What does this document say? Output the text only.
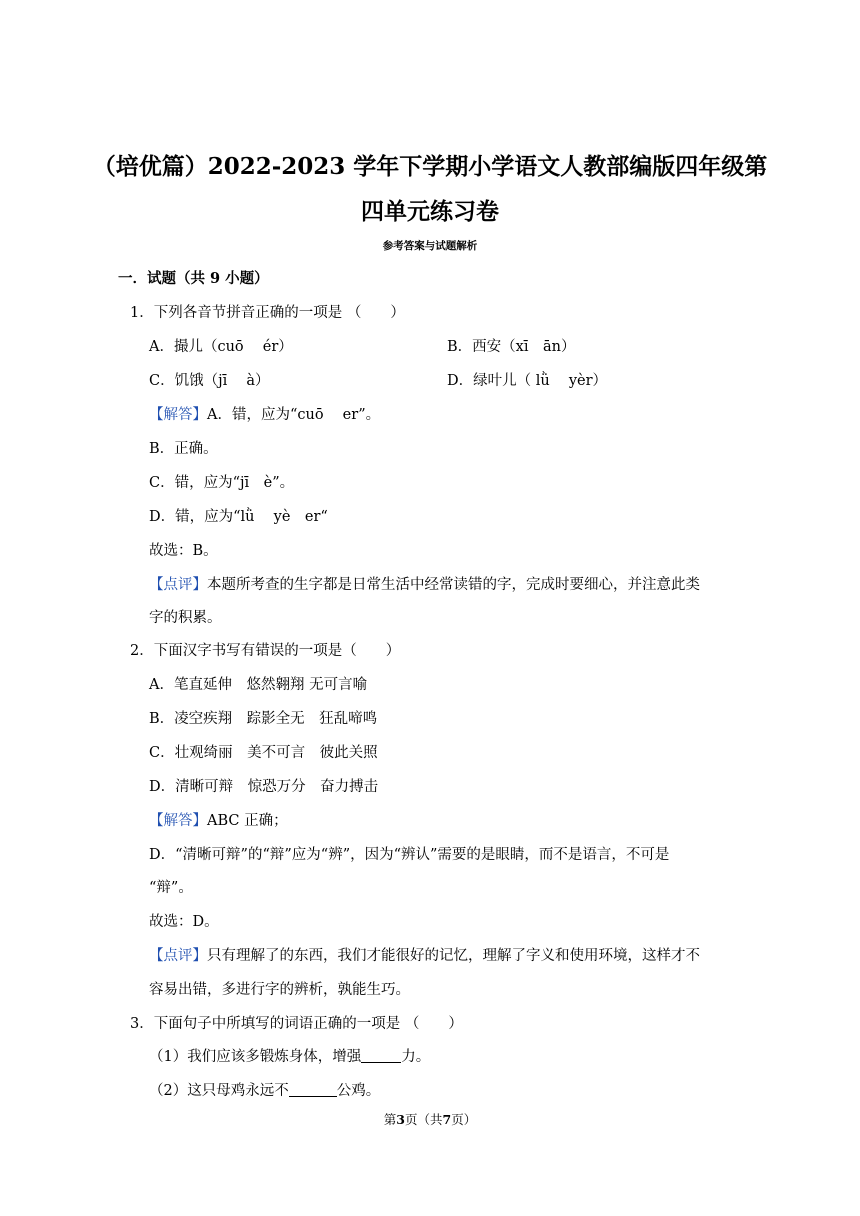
（培优篇）2022-2023 学年下学期小学语文人教部编版四年级第
四单元练习卷
参考答案与试题解析
一．试题（共 9 小题）
1．下列各音节拼音正确的一项是 （　　）
A．撮儿（cuō　 ér）	B．西安（xī　ān）
C．饥饿（jī　 à）	D．绿叶儿（ lǜ　 yèr）
【解答】A．错，应为“cuō　 er”。
B．正确。
C．错，应为“jī　è”。
D．错，应为“lǜ　 yè　er“
故选：B。
【点评】本题所考查的生字都是日常生活中经常读错的字，完成时要细心，并注意此类
字的积累。
2．下面汉字书写有错误的一项是（　　）
A．笔直延伸　悠然翱翔 无可言喻
B．凌空疾翔　踪影全无　狂乱啼鸣
C．壮观绮丽　美不可言　彼此关照
D．清晰可辩　惊恐万分　奋力搏击
【解答】ABC 正确；
D．“清晰可辩”的“辩”应为“辨”，因为“辨认”需要的是眼睛，而不是语言，不可是
“辩”。
故选：D。
【点评】只有理解了的东西，我们才能很好的记忆，理解了字义和使用环境，这样才不
容易出错，多进行字的辨析，孰能生巧。
3．下面句子中所填写的词语正确的一项是 （　　）
（1）我们应该多锻炼身体，增强	力。
（2）这只母鸡永远不	公鸡。
第3页（共7页）
